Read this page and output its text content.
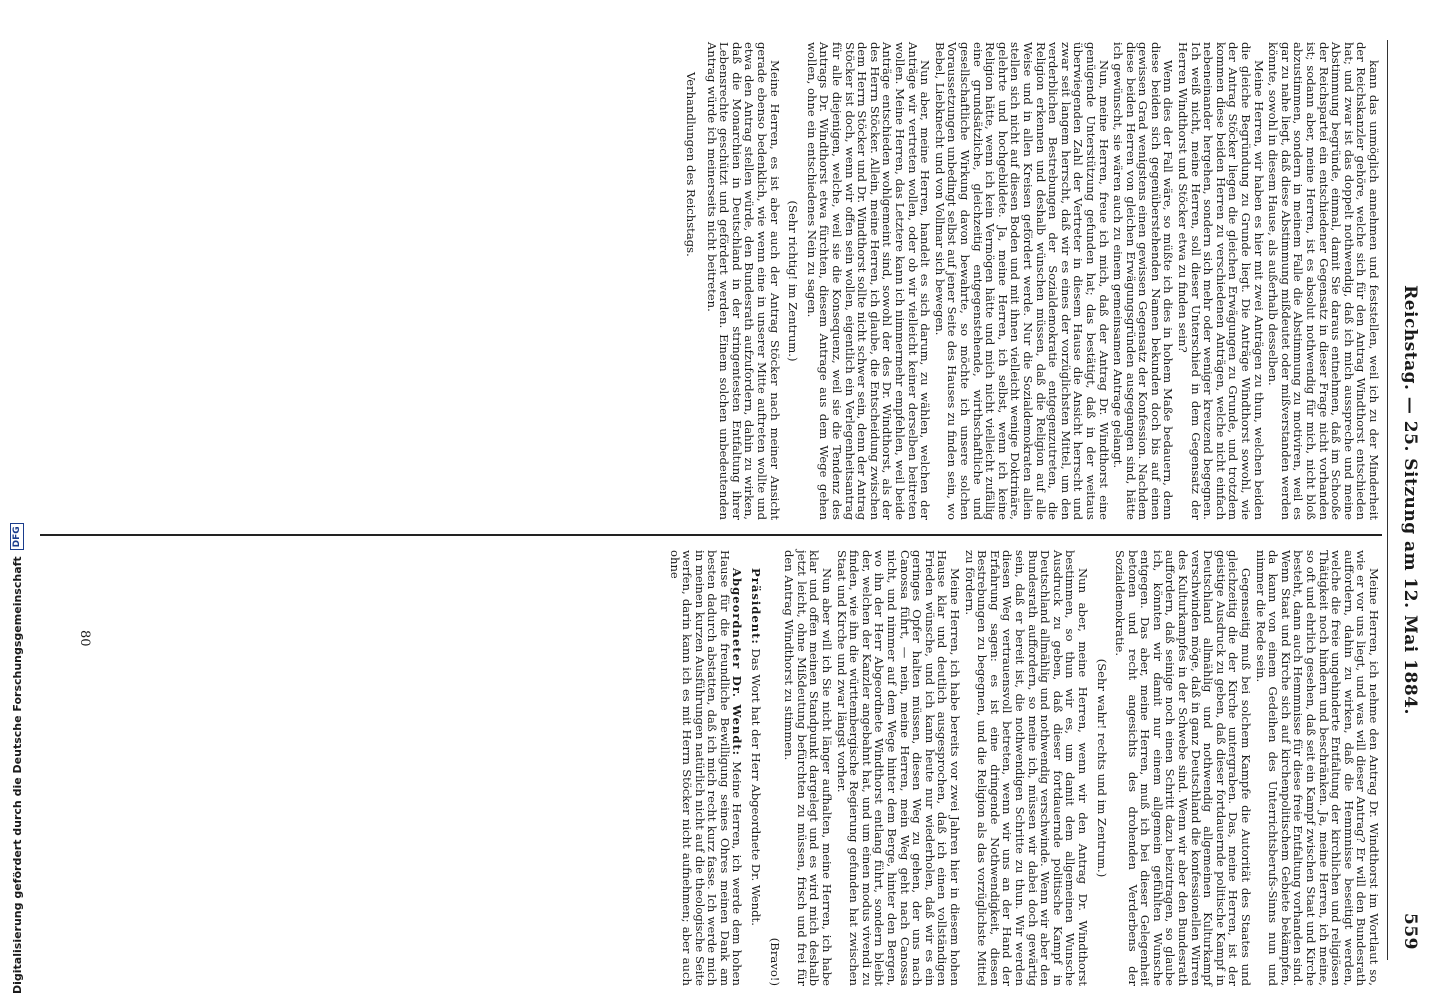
Reichstag. — 25. Sitzung am 12. Mai 1884.
559

kann das unmöglich annehmen und feststellen, weil ich zu der Minderheit der Reichskanzler gehöre, welche sich für den Antrag Windthorst entschieden hat; und zwar ist das doppelt nothwendig, daß ich mich ausspreche und meine Abstimmung begründe, einmal, damit Sie daraus entnehmen, daß im Schooße der Reichspartei ein entschiedener Gegensatz in dieser Frage nicht vorhanden ist; sodann aber, meine Herren, ist es absolut nothwendig für mich, nicht bloß abzustimmen, sondern in meinem Falle die Abstimmung zu motiviren, weil es gar zu nahe liegt, daß diese Abstimmung mißdeutet oder mißverstanden werden könnte, sowohl in diesem Hause, als außerhalb desselben.

Meine Herren, wir haben es hier mit zwei Anträgen zu thun, welchen beiden die gleiche Begründung zu Grunde liegt. Die Anträge Windthorst sowohl, wie der Antrag Stöcker liegen die gleichen Erwägungen zu Grunde, und trotzdem kommen diese beiden Herren zu verschiedenen Anträgen, welche nicht einfach nebeneinander hergehen, sondern sich mehr oder weniger kreuzend begegnen. Ich weiß nicht, meine Herren, soll dieser Unterschied in dem Gegensatz der Herren Windthorst und Stöcker etwa zu finden sein?

Wenn dies der Fall wäre, so müßte ich dies in hohem Maße bedauern, denn diese beiden sich gegenüberstehenden Namen bekunden doch bis auf einen gewissen Grad wenigstens einen gewissen Gegensatz der Konfession. Nachdem diese beiden Herren von gleichen Erwägungsgründen ausgegangen sind, hätte ich gewünscht, sie wären auch zu einem gemeinsamen Antrage gelangt.

Nun, meine Herren, freue ich mich, daß der Antrag Dr. Windthorst eine genügende Unterstützung gefunden hat; das bestätigt, daß in der weitaus überwiegenden Zahl der Vertreter in diesem Hause die Ansicht herrscht und zwar seit langem herrscht, daß wir es eines der vorzüglichsten Mittel, um den verderblichen Bestrebungen der Sozialdemokratie entgegenzutreten, die Religion erkennen und deshalb wünschen müssen, daß die Religion auf alle Weise und in allen Kreisen gefördert werde. Nur die Sozialdemokraten allein stellen sich nicht auf diesen Boden und mit ihnen vielleicht wenige Doktrinäre, gelehrte und hochgebildete. Ja, meine Herren, ich selbst, wenn ich keine Religion hätte, wenn ich kein Vermögen hätte und mich nicht vielleicht zufällig eine grundsätzliche, gleichzeitig entgegenstehende, wirthschaftliche und gesellschaftliche Wirkung davon bewahrte, so möchte ich unsere solchen Voraussetzungen unbedingt selbst auf jener Seite des Hauses zu finden sein, wo Bebel, Liebknecht und von Vollmar sich bewegen.

Nun aber, meine Herren, handelt es sich darum, zu wählen, welchen der Anträge wir vertreten wollen, oder ob wir vielleicht keiner derselben beitreten wollen. Meine Herren, das Letztere kann ich nimmermehr empfehlen, weil beide Anträge entschieden wohlgemeint sind, sowohl der des Dr. Windthorst, als der des Herrn Stöcker. Allein, meine Herren, ich glaube, die Entscheidung zwischen dem Herrn Stöcker und Dr. Windthorst sollte nicht schwer sein, denn der Antrag Stöcker ist doch, wenn wir offen sein wollen, eigentlich ein Verlegenheitsantrag für alle diejenigen, welche, weil sie die Konsequenz, weil sie die Tendenz des Antrags Dr. Windthorst etwa fürchten, diesem Antrage aus dem Wege gehen wollen, ohne ein entschiedenes Nein zu sagen.

(Sehr richtig! im Zentrum.)

Meine Herren, es ist aber auch der Antrag Stöcker nach meiner Ansicht gerade ebenso bedenklich, wie wenn eine in unserer Mitte auftreten wollte und etwa den Antrag stellen würde, den Bundesrath aufzufordern, dahin zu wirken, daß die Monarchien in Deutschland in der stringentesten Entfaltung ihrer Lebensrechte geschützt und gefördert werden. Einem solchen unbedeutenden Antrag würde ich meinerseits nicht beitreten.

Verhandlungen des Reichstags.

Meine Herren, ich nehme den Antrag Dr. Windthorst im Wortlaut so, wie er vor uns liegt, und was will dieser Antrag? Er will den Bundesrath auffordern, dahin zu wirken, daß die Hemmnisse beseitigt werden, welche die freie ungehinderte Entfaltung der kirchlichen und religiösen Thätigkeit noch hindern und beschränken. Ja, meine Herren, ich meine, so oft und ehrlich gesehen, daß seit ein Kampf zwischen Staat und Kirche besteht, dann auch Hemmnisse für diese freie Entfaltung vorhanden sind. Wenn Staat und Kirche sich auf kirchenpolitischem Gebiete bekämpfen, da kann von einem Gedeihen des Unterrichtsberufs-Sinns nun und nimmer die Rede sein.

Gegenseitig muß bei solchem Kampfe die Autorität des Staates und gleichzeitig die der Kirche untergraben. Das, meine Herren, ist der geistige Ausdruck zu geben, daß dieser fortdauernde politische Kampf in Deutschland allmählig und nothwendig allgemeinen Kulturkampf verschwinden möge, daß in ganz Deutschland die konfessionellen Wirren des Kulturkampfes in der Schwebe sind. Wenn wir aber den Bundesrath auffordern, daß seinige noch einen Schritt dazu beizutragen, so glaube ich, könnten wir damit nur einem allgemein gefühlten Wunsche entgegen. Das aber, meine Herren, muß ich bei dieser Gelegenheit betonen und recht angesichts des drohenden Verderbens der Sozialdemokratie.

(Sehr wahr! rechts und im Zentrum.)

Nun aber, meine Herren, wenn wir den Antrag Dr. Windthorst bestimmen, so thun wir es, um damit dem allgemeinen Wunsche Ausdruck zu geben, daß dieser fortdauernde politische Kampf in Deutschland allmählig und nothwendig verschwinde. Wenn wir aber den Bundesrath auffordern, so meine ich, müssen wir dabei doch gewärtig sein, daß er bereit ist, die nothwendigen Schritte zu thun. Wir werden diesen Weg vertrauensvoll betreten, wenn wir uns an der Hand der Erfahrung sagen: es ist eine dringende Nothwendigkeit, diesen Bestrebungen zu begegnen, und die Religion als das vorzüglichste Mittel zu fördern.

Meine Herren, ich habe bereits vor zwei Jahren hier in diesem hohen Hause klar und deutlich ausgesprochen, daß ich einen vollständigen Frieden wünsche, und ich kann heute nur wiederholen, daß wir es ein geringes Opfer halten müssen, diesen Weg zu gehen, der uns nach Canossa führt, — nein, meine Herren, mein Weg geht nach Canossa nicht, und nimmer auf dem Wege hinter dem Berge, hinter den Bergen, wo ihn der Herr Abgeordnete Windthorst entlang führt, sondern bleibt der, welchen der Kanzler angebahnt hat, und um einen modus vivendi zu finden, wie ihn die württembergische Regierung gefunden hat zwischen Staat und Kirche und zwar längst vorher.

Nun aber will ich Sie nicht länger aufhalten, meine Herren, ich habe klar und offen meinen Standpunkt dargelegt und es wird mich deshalb jetzt leicht, ohne Mißdeutung befürchten zu müssen, frisch und frei für den Antrag Windthorst zu stimmen.

(Bravo!)

Präsident: Das Wort hat der Herr Abgeordnete Dr. Wendt.

Abgeordneter Dr. Wendt: Meine Herren, ich werde dem hohen Hause für die freundliche Bewilligung seines Ohres meinen Dank am besten dadurch abstatten, daß ich mich recht kurz fasse. Ich werde mich in meinen kurzen Ausführungen natürlich nicht auf die theologische Seite werfen, darin kann ich es mit Herrn Stöcker nicht aufnehmen; aber auch ohne

80
Digitalisierung gefördert durch die Deutsche Forschungsgemeinschaft
DFG
